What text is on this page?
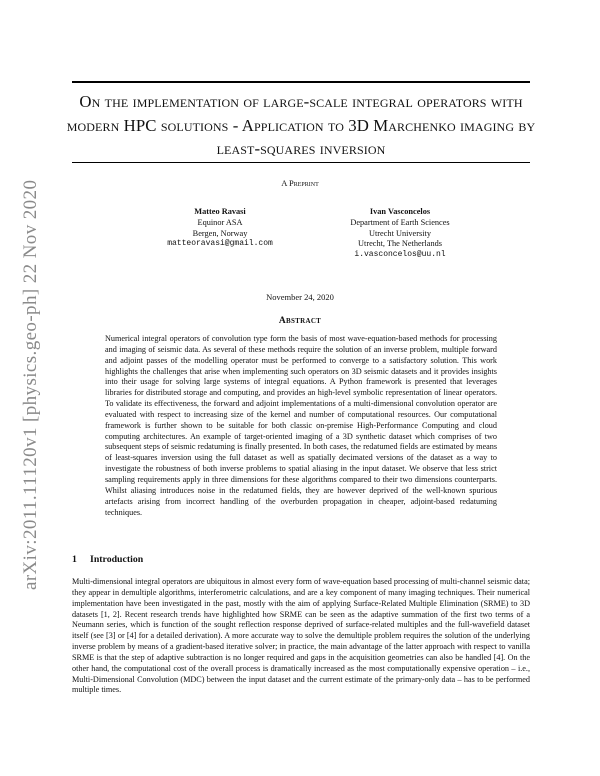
arXiv:2011.11120v1 [physics.geo-ph] 22 Nov 2020
On the implementation of large-scale integral operators with modern HPC solutions - Application to 3D Marchenko imaging by least-squares inversion
A Preprint
Matteo Ravasi
Equinor ASA
Bergen, Norway
matteoravasi@gmail.com
Ivan Vasconcelos
Department of Earth Sciences
Utrecht University
Utrecht, The Netherlands
i.vasconcelos@uu.nl
November 24, 2020
Abstract
Numerical integral operators of convolution type form the basis of most wave-equation-based methods for processing and imaging of seismic data. As several of these methods require the solution of an inverse problem, multiple forward and adjoint passes of the modelling operator must be performed to converge to a satisfactory solution. This work highlights the challenges that arise when implementing such operators on 3D seismic datasets and it provides insights into their usage for solving large systems of integral equations. A Python framework is presented that leverages libraries for distributed storage and computing, and provides an high-level symbolic representation of linear operators. To validate its effectiveness, the forward and adjoint implementations of a multi-dimensional convolution operator are evaluated with respect to increasing size of the kernel and number of computational resources. Our computational framework is further shown to be suitable for both classic on-premise High-Performance Computing and cloud computing architectures. An example of target-oriented imaging of a 3D synthetic dataset which comprises of two subsequent steps of seismic redatuming is finally presented. In both cases, the redatumed fields are estimated by means of least-squares inversion using the full dataset as well as spatially decimated versions of the dataset as a way to investigate the robustness of both inverse problems to spatial aliasing in the input dataset. We observe that less strict sampling requirements apply in three dimensions for these algorithms compared to their two dimensions counterparts. Whilst aliasing introduces noise in the redatumed fields, they are however deprived of the well-known spurious artefacts arising from incorrect handling of the overburden propagation in cheaper, adjoint-based redatuming techniques.
1 Introduction
Multi-dimensional integral operators are ubiquitous in almost every form of wave-equation based processing of multi-channel seismic data; they appear in demultiple algorithms, interferometric calculations, and are a key component of many imaging techniques. Their numerical implementation have been investigated in the past, mostly with the aim of applying Surface-Related Multiple Elimination (SRME) to 3D datasets [1, 2]. Recent research trends have highlighted how SRME can be seen as the adaptive summation of the first two terms of a Neumann series, which is function of the sought reflection response deprived of surface-related multiples and the full-wavefield dataset itself (see [3] or [4] for a detailed derivation). A more accurate way to solve the demultiple problem requires the solution of the underlying inverse problem by means of a gradient-based iterative solver; in practice, the main advantage of the latter approach with respect to vanilla SRME is that the step of adaptive subtraction is no longer required and gaps in the acquisition geometries can also be handled [4]. On the other hand, the computational cost of the overall process is dramatically increased as the most computationally expensive operation – i.e., Multi-Dimensional Convolution (MDC) between the input dataset and the current estimate of the primary-only data – has to be performed multiple times.
